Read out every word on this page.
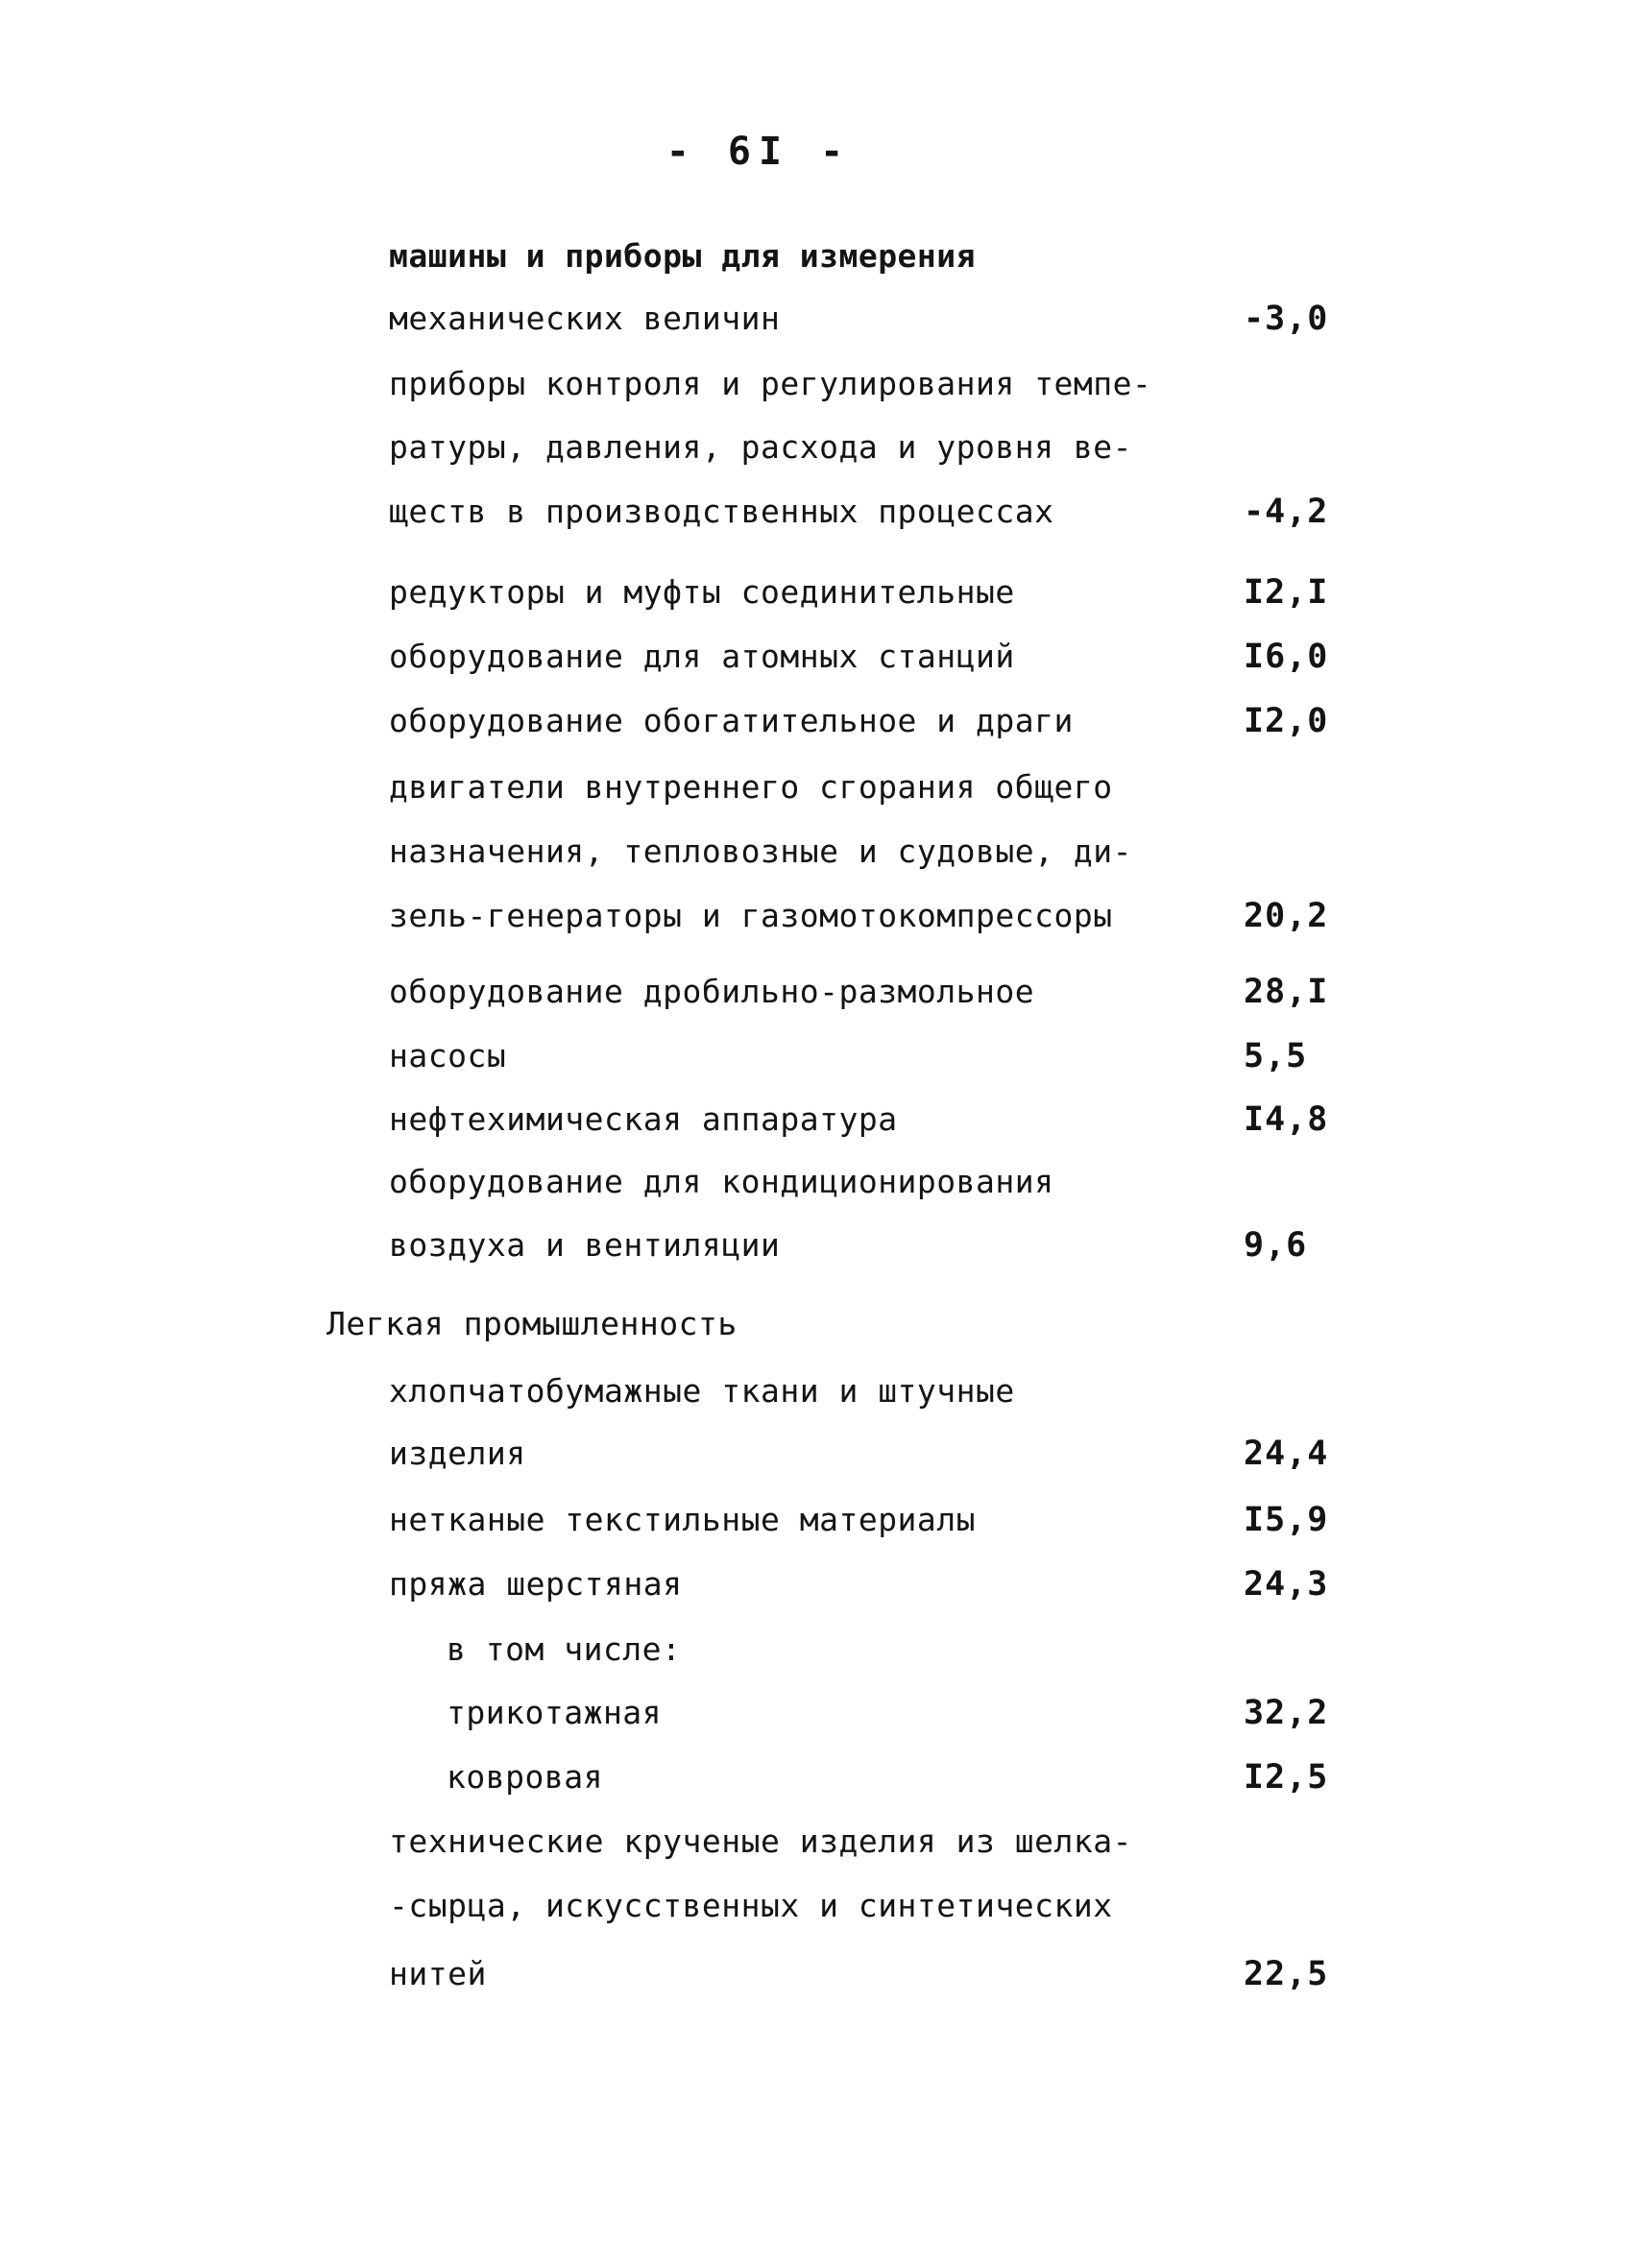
- 6I -
машины и приборы для измерения
механических величин	-3,0
приборы контроля и регулирования темпе-
ратуры, давления, расхода и уровня ве-
ществ в производственных процессах	-4,2
редукторы и муфты соединительные	I2,I
оборудование для атомных станций	I6,0
оборудование обогатительное и драги	I2,0
двигатели внутреннего сгорания общего
назначения, тепловозные и судовые, ди-
зель-генераторы и газомотокомпрессоры	20,2
оборудование дробильно-размольное	28,I
насосы	5,5
нефтехимическая аппаратура	I4,8
оборудование для кондиционирования
воздуха и вентиляции	9,6
Легкая промышленность
хлопчатобумажные ткани и штучные
изделия	24,4
нетканые текстильные материалы	I5,9
пряжа шерстяная	24,3
в том числе:
трикотажная	32,2
ковровая	I2,5
технические крученые изделия из шелка-
-сырца, искусственных и синтетических
нитей	22,5
